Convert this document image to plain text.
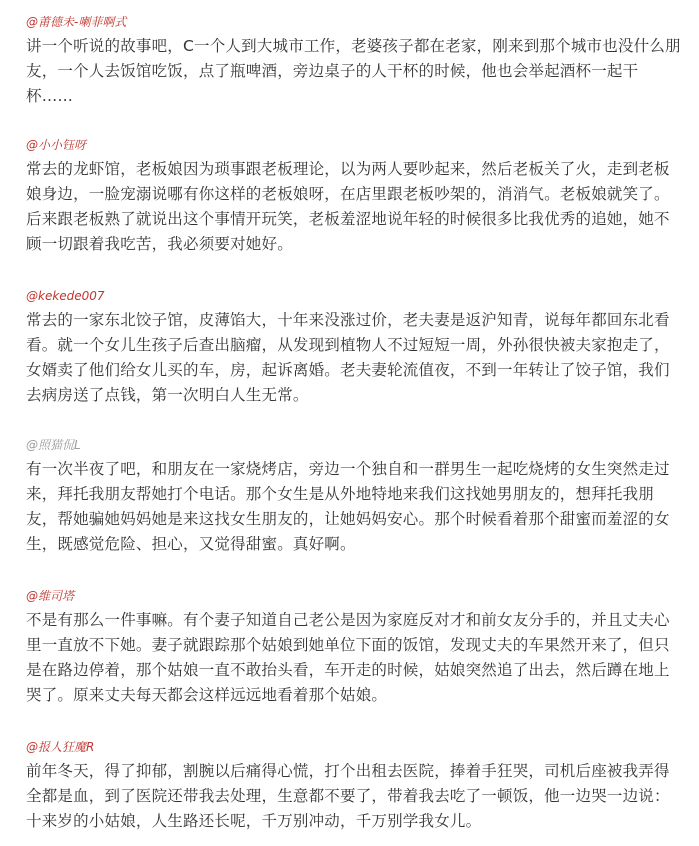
@莆德未-喇菲啊式
讲一个听说的故事吧，C一个人到大城市工作，老婆孩子都在老家，刚来到那个城市也没什么朋
友，一个人去饭馆吃饭，点了瓶啤酒，旁边桌子的人干杯的时候，他也会举起酒杯一起干
杯……
@小小钰呀
常去的龙虾馆，老板娘因为琐事跟老板理论，以为两人要吵起来，然后老板关了火，走到老板
娘身边，一脸宠溺说哪有你这样的老板娘呀，在店里跟老板吵架的，消消气。老板娘就笑了。
后来跟老板熟了就说出这个事情开玩笑，老板羞涩地说年轻的时候很多比我优秀的追她，她不
顾一切跟着我吃苦，我必须要对她好。
@kekede007
常去的一家东北饺子馆，皮薄馅大，十年来没涨过价，老夫妻是返沪知青，说每年都回东北看
看。就一个女儿生孩子后查出脑瘤，从发现到植物人不过短短一周，外孙很快被夫家抱走了，
女婿卖了他们给女儿买的车，房，起诉离婚。老夫妻轮流值夜，不到一年转让了饺子馆，我们
去病房送了点钱，第一次明白人生无常。
@照猫侃L
有一次半夜了吧，和朋友在一家烧烤店，旁边一个独自和一群男生一起吃烧烤的女生突然走过
来，拜托我朋友帮她打个电话。那个女生是从外地特地来我们这找她男朋友的，想拜托我朋
友，帮她骗她妈妈她是来这找女生朋友的，让她妈妈安心。那个时候看着那个甜蜜而羞涩的女
生，既感觉危险、担心，又觉得甜蜜。真好啊。
@维司塔
不是有那么一件事嘛。有个妻子知道自己老公是因为家庭反对才和前女友分手的，并且丈夫心
里一直放不下她。妻子就跟踪那个姑娘到她单位下面的饭馆，发现丈夫的车果然开来了，但只
是在路边停着，那个姑娘一直不敢抬头看，车开走的时候，姑娘突然追了出去，然后蹲在地上
哭了。原来丈夫每天都会这样远远地看着那个姑娘。
@报人狂魔R
前年冬天，得了抑郁，割腕以后痛得心慌，打个出租去医院，捧着手狂哭，司机后座被我弄得
全都是血，到了医院还带我去处理，生意都不要了，带着我去吃了一顿饭，他一边哭一边说：
十来岁的小姑娘，人生路还长呢，千万别冲动，千万别学我女儿。
